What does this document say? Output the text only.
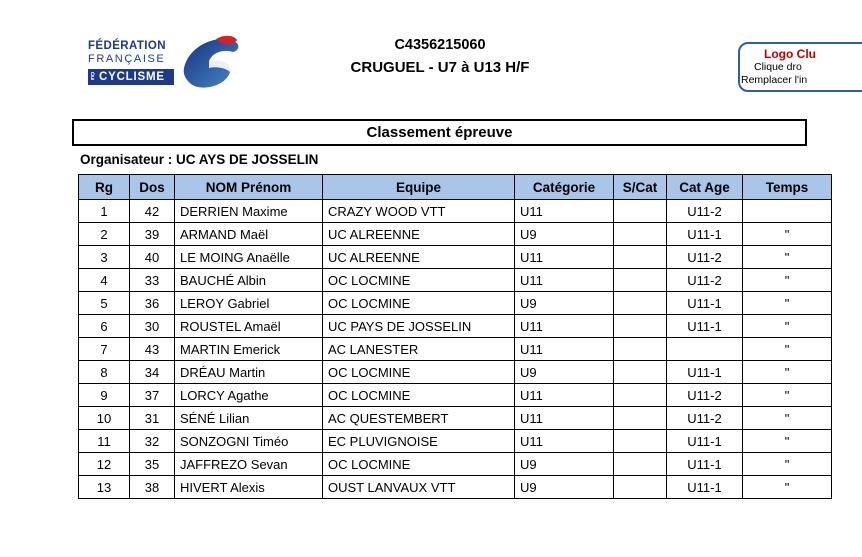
FÉDÉRATION
FRANÇAISE
DE CYCLISME
C4356215060
CRUGUEL - U7 à U13 H/F
Logo Clu
Clique dro
Remplacer l'in
Classement épreuve
Organisateur : UC AYS DE JOSSELIN
Rg	Dos	NOM Prénom	Equipe	Catégorie	S/Cat	Cat Age	Temps
1	42	DERRIEN Maxime	CRAZY WOOD VTT	U11		U11-2	
2	39	ARMAND Maël	UC ALREENNE	U9		U11-1	"
3	40	LE MOING Anaëlle	UC ALREENNE	U11		U11-2	"
4	33	BAUCHÉ Albin	OC LOCMINE	U11		U11-2	"
5	36	LEROY Gabriel	OC LOCMINE	U9		U11-1	"
6	30	ROUSTEL Amaël	UC PAYS DE JOSSELIN	U11		U11-1	"
7	43	MARTIN Emerick	AC LANESTER	U11			"
8	34	DRÉAU Martin	OC LOCMINE	U9		U11-1	"
9	37	LORCY Agathe	OC LOCMINE	U11		U11-2	"
10	31	SÉNÉ Lilian	AC QUESTEMBERT	U11		U11-2	"
11	32	SONZOGNI Timéo	EC PLUVIGNOISE	U11		U11-1	"
12	35	JAFFREZO Sevan	OC LOCMINE	U9		U11-1	"
13	38	HIVERT Alexis	OUST LANVAUX VTT	U9		U11-1	"
